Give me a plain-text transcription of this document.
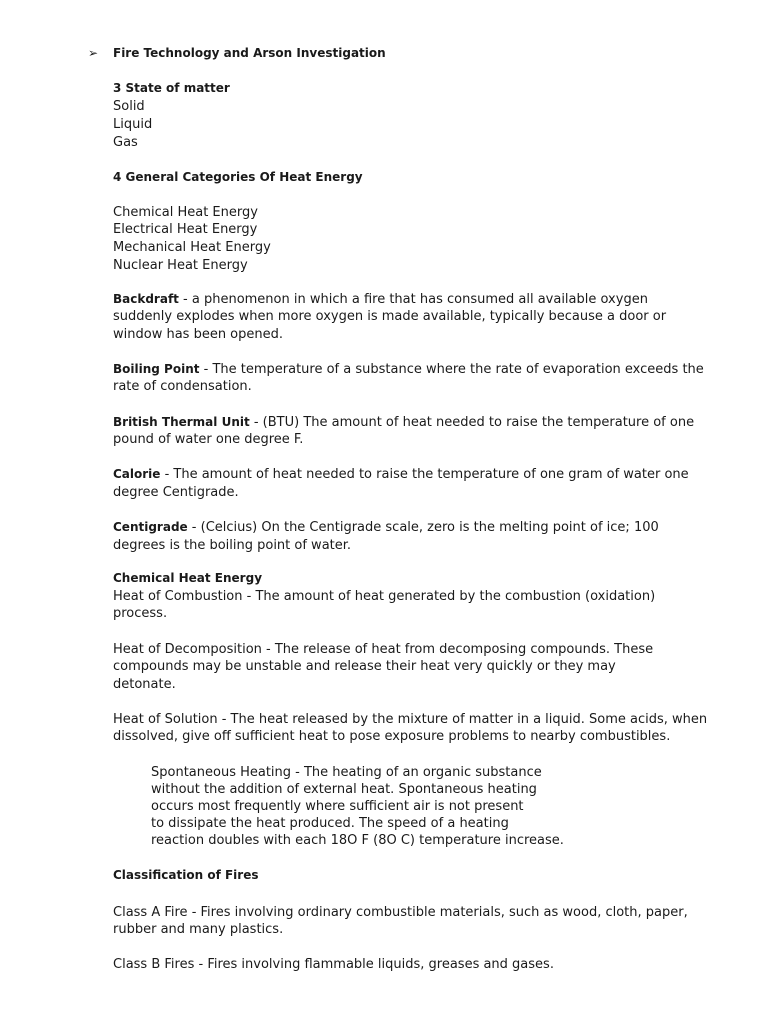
➢ Fire Technology and Arson Investigation
3 State of matter
Solid
Liquid
Gas
4 General Categories Of Heat Energy
Chemical Heat Energy
Electrical Heat Energy
Mechanical Heat Energy
Nuclear Heat Energy
Backdraft - a phenomenon in which a fire that has consumed all available oxygen
suddenly explodes when more oxygen is made available, typically because a door or
window has been opened.
Boiling Point - The temperature of a substance where the rate of evaporation exceeds the
rate of condensation.
British Thermal Unit - (BTU) The amount of heat needed to raise the temperature of one
pound of water one degree F.
Calorie - The amount of heat needed to raise the temperature of one gram of water one
degree Centigrade.
Centigrade - (Celcius) On the Centigrade scale, zero is the melting point of ice; 100
degrees is the boiling point of water.
Chemical Heat Energy
Heat of Combustion - The amount of heat generated by the combustion (oxidation)
process.
Heat of Decomposition - The release of heat from decomposing compounds. These
compounds may be unstable and release their heat very quickly or they may
detonate.
Heat of Solution - The heat released by the mixture of matter in a liquid. Some acids, when
dissolved, give off sufficient heat to pose exposure problems to nearby combustibles.
Spontaneous Heating - The heating of an organic substance
without the addition of external heat. Spontaneous heating
occurs most frequently where sufficient air is not present
to dissipate the heat produced. The speed of a heating
reaction doubles with each 18O F (8O C) temperature increase.
Classification of Fires
Class A Fire - Fires involving ordinary combustible materials, such as wood, cloth, paper,
rubber and many plastics.
Class B Fires - Fires involving flammable liquids, greases and gases.
